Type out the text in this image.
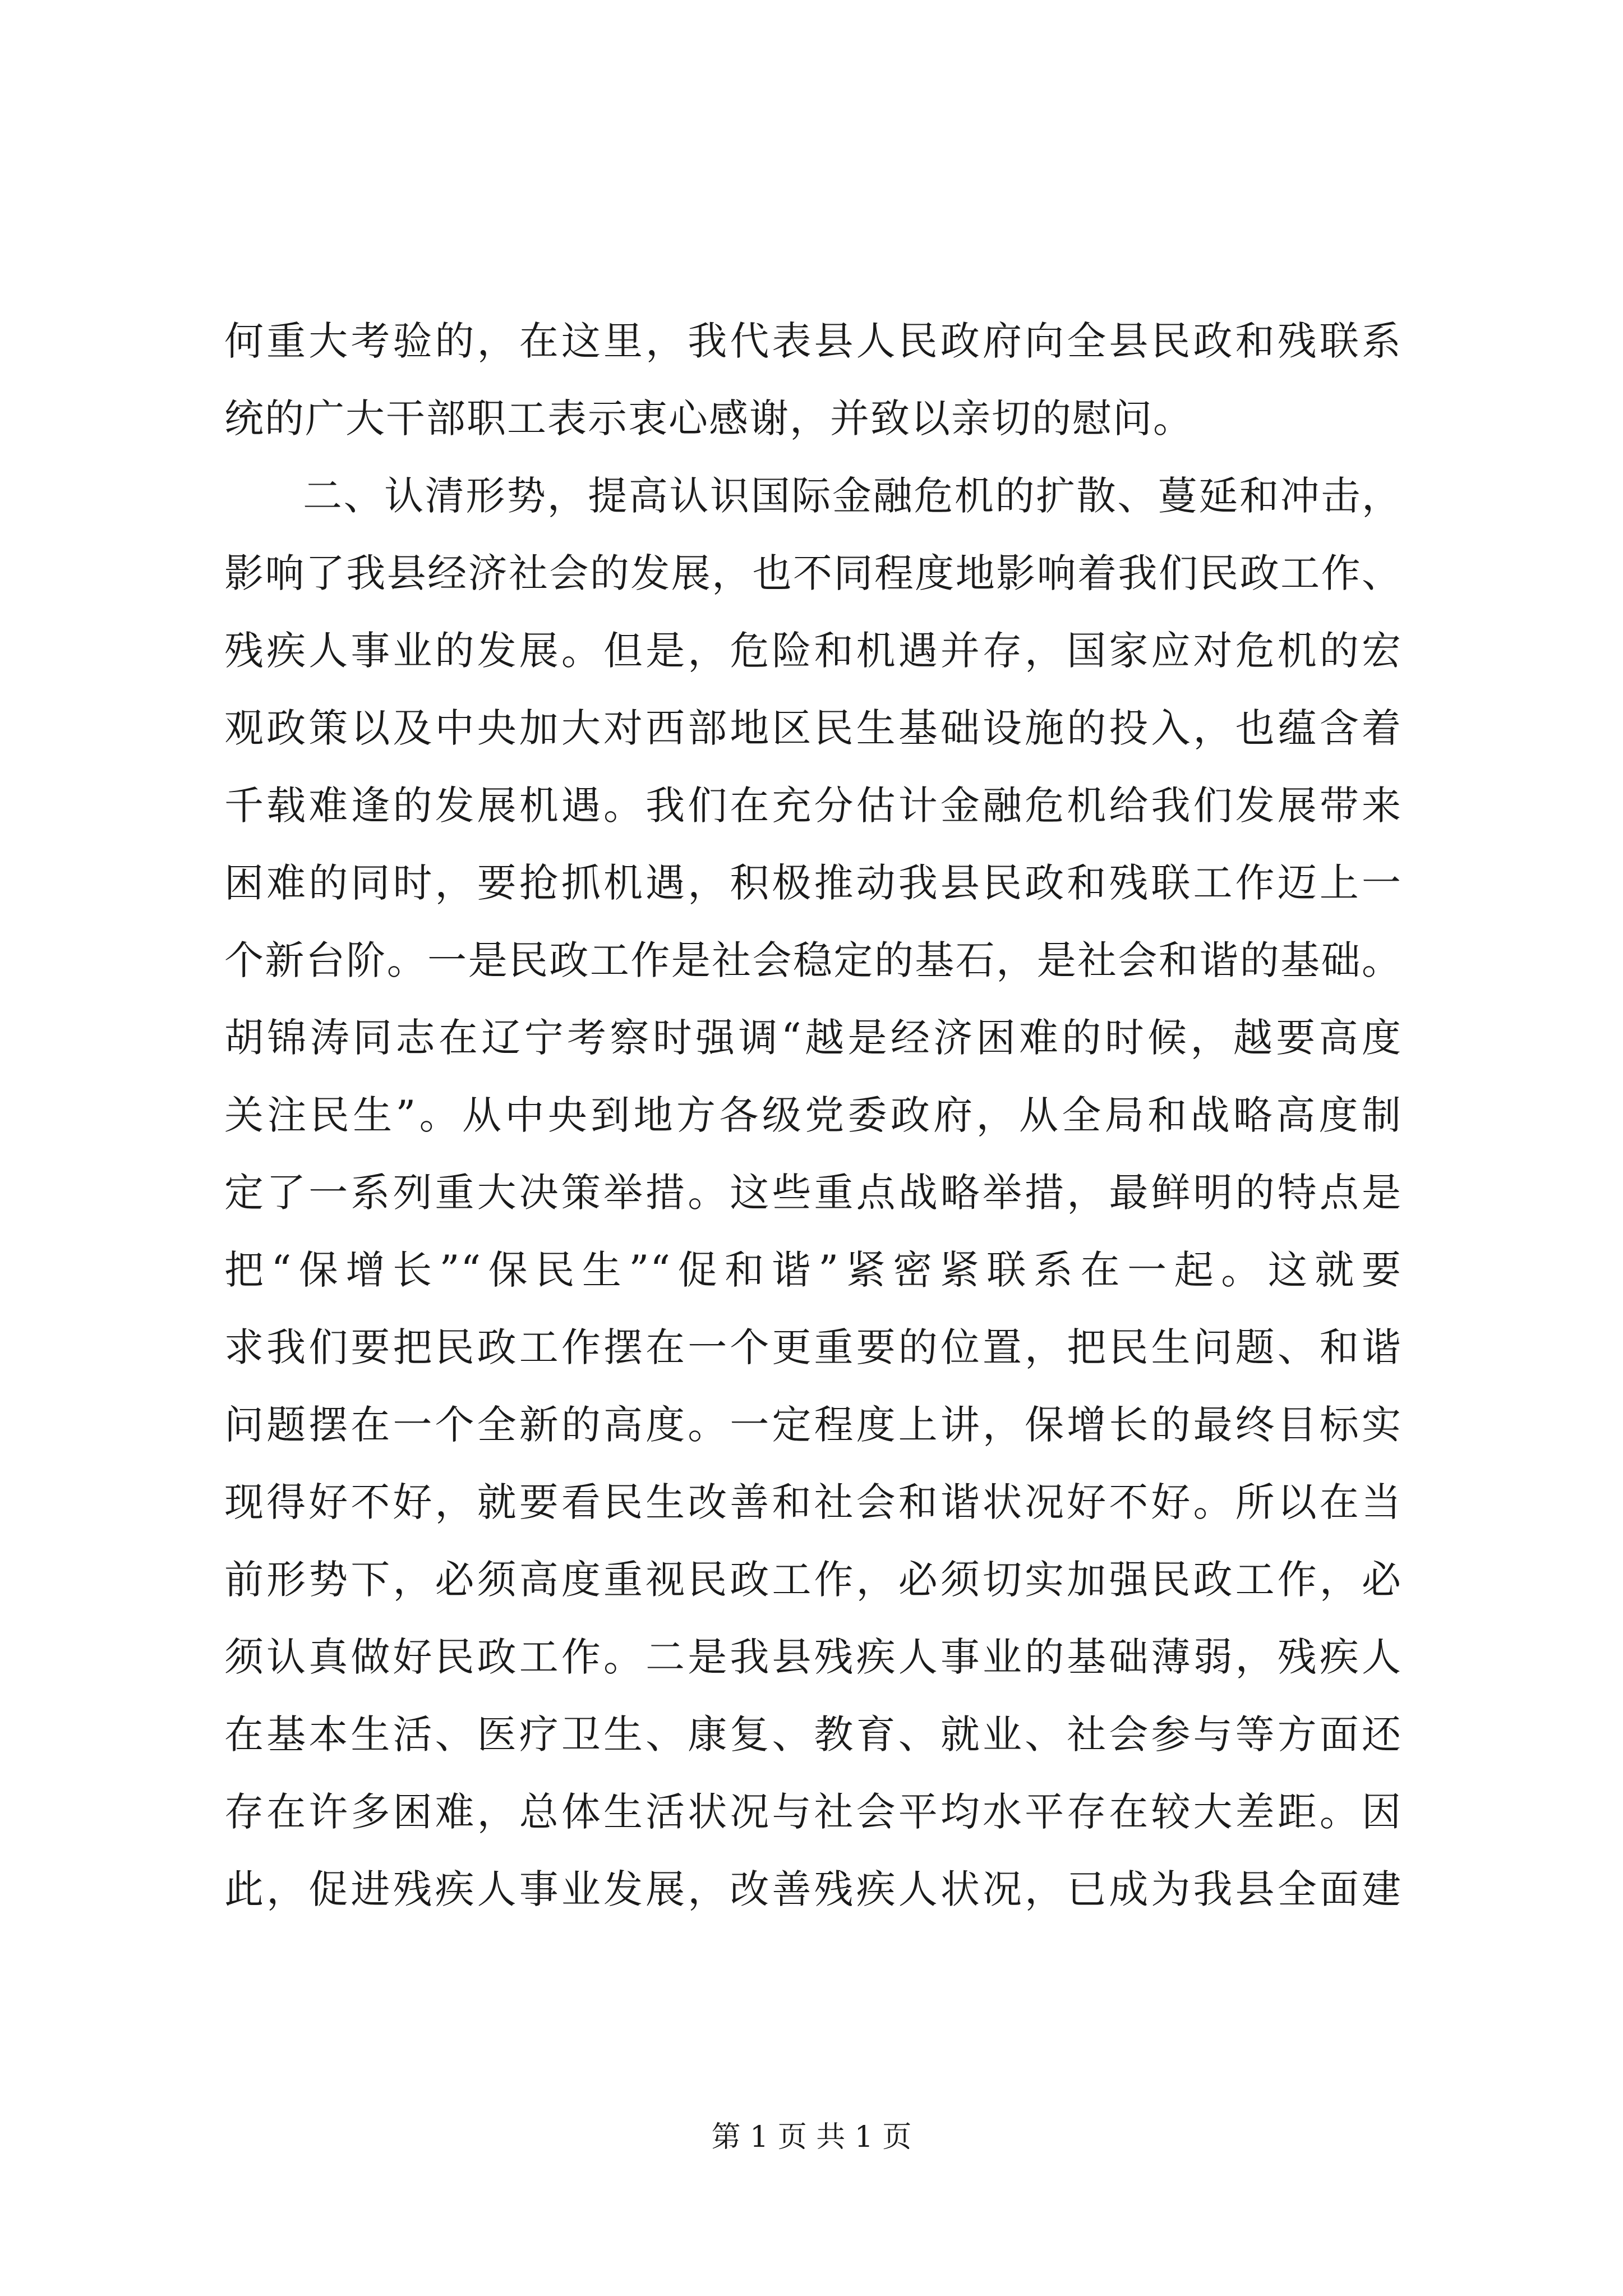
何重大考验的，在这里，我代表县人民政府向全县民政和残联系
统的广大干部职工表示衷心感谢，并致以亲切的慰问。
二、认清形势，提高认识国际金融危机的扩散、蔓延和冲击，
影响了我县经济社会的发展，也不同程度地影响着我们民政工作、
残疾人事业的发展。但是，危险和机遇并存，国家应对危机的宏
观政策以及中央加大对西部地区民生基础设施的投入，也蕴含着
千载难逢的发展机遇。我们在充分估计金融危机给我们发展带来
困难的同时，要抢抓机遇，积极推动我县民政和残联工作迈上一
个新台阶。一是民政工作是社会稳定的基石，是社会和谐的基础。
胡锦涛同志在辽宁考察时强调“越是经济困难的时候，越要高度
关注民生”。从中央到地方各级党委政府，从全局和战略高度制
定了一系列重大决策举措。这些重点战略举措，最鲜明的特点是
把“保增长”“保民生”“促和谐”紧密紧联系在一起。这就要
求我们要把民政工作摆在一个更重要的位置，把民生问题、和谐
问题摆在一个全新的高度。一定程度上讲，保增长的最终目标实
现得好不好，就要看民生改善和社会和谐状况好不好。所以在当
前形势下，必须高度重视民政工作，必须切实加强民政工作，必
须认真做好民政工作。二是我县残疾人事业的基础薄弱，残疾人
在基本生活、医疗卫生、康复、教育、就业、社会参与等方面还
存在许多困难，总体生活状况与社会平均水平存在较大差距。因
此，促进残疾人事业发展，改善残疾人状况，已成为我县全面建
第 1 页 共 1 页
